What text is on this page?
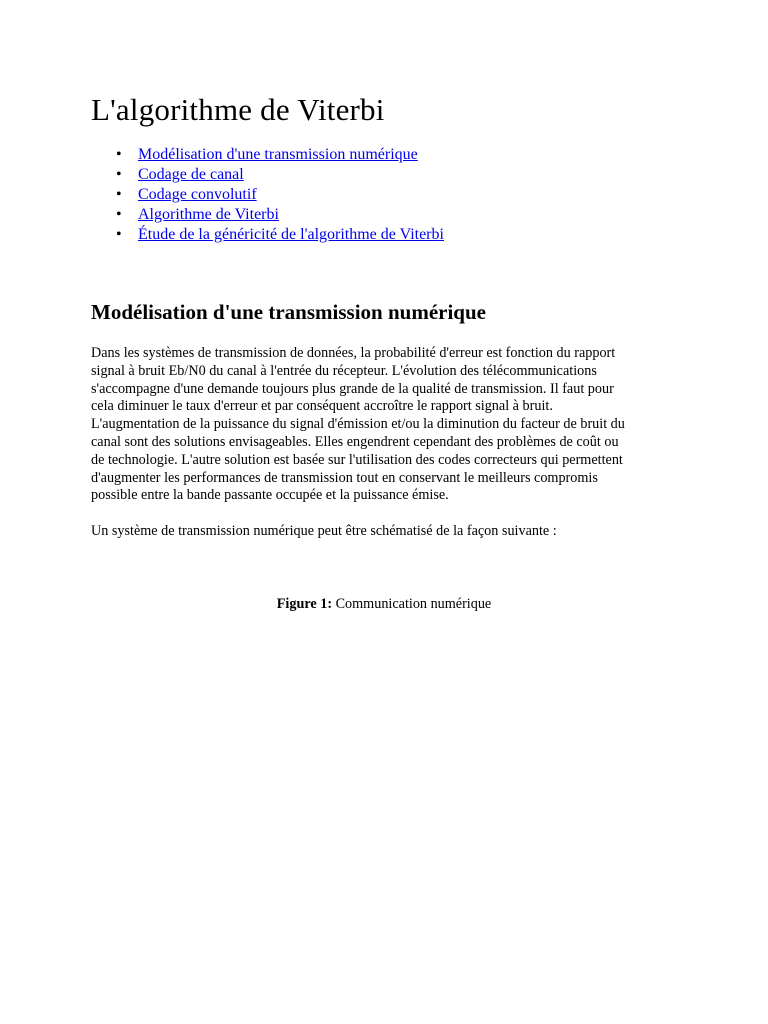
L'algorithme de Viterbi
• Modélisation d'une transmission numérique
• Codage de canal
• Codage convolutif
• Algorithme de Viterbi
• Étude de la généricité de l'algorithme de Viterbi
Modélisation d'une transmission numérique
Dans les systèmes de transmission de données, la probabilité d'erreur est fonction du rapport
signal à bruit Eb/N0 du canal à l'entrée du récepteur. L'évolution des télécommunications
s'accompagne d'une demande toujours plus grande de la qualité de transmission. Il faut pour
cela diminuer le taux d'erreur et par conséquent accroître le rapport signal à bruit.
L'augmentation de la puissance du signal d'émission et/ou la diminution du facteur de bruit du
canal sont des solutions envisageables. Elles engendrent cependant des problèmes de coût ou
de technologie. L'autre solution est basée sur l'utilisation des codes correcteurs qui permettent
d'augmenter les performances de transmission tout en conservant le meilleurs compromis
possible entre la bande passante occupée et la puissance émise.

Un système de transmission numérique peut être schématisé de la façon suivante :

Figure 1: Communication numérique
